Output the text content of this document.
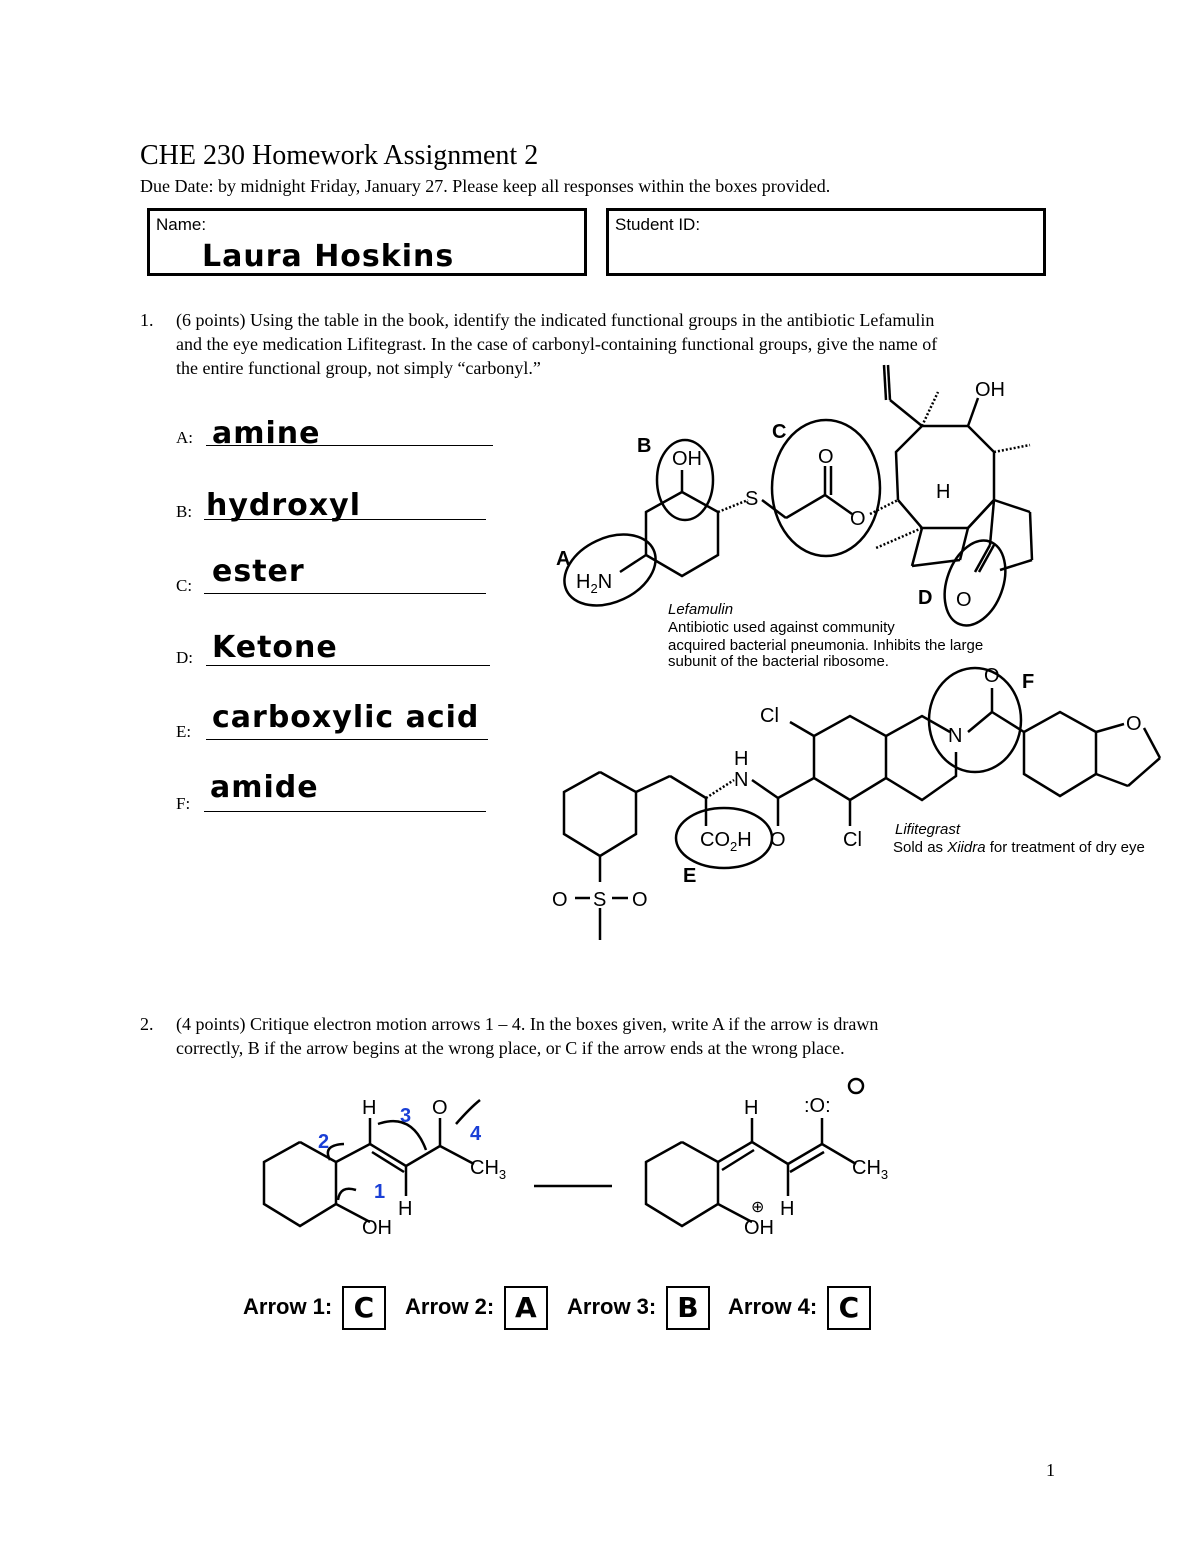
CHE 230 Homework Assignment 2
Due Date: by midnight Friday, January 27. Please keep all responses within the boxes provided.
Name:
Laura Hoskins
Student ID:
1. (6 points) Using the table in the book, identify the indicated functional groups in the antibiotic Lefamulin
and the eye medication Lifitegrast. In the case of carbonyl-containing functional groups, give the name of
the entire functional group, not simply “carbonyl.”
A: amine
B: hydroxyl
C: ester
D: Ketone
E: carboxylic acid
F: amide
B
OH
A
$H_2N$
S
C
O
O
OH
H
D O
Lefamulin
Antibiotic used against community
acquired bacterial pneumonia. Inhibits the large
subunit of the bacterial ribosome.
Cl
O F
N
O
H
N
$CO_2H$ O	Cl
E
O S O
Lifitegrast
Sold as Xiidra for treatment of dry eye
2. (4 points) Critique electron motion arrows 1 – 4. In the boxes given, write A if the arrow is drawn
correctly, B if the arrow begins at the wrong place, or C if the arrow ends at the wrong place.
H	O
$CH_3$
H
OH
H :O:
$CH_3$
H
OH
⊕
1
2
3
4
Arrow 1: C	Arrow 2: A	Arrow 3: B	Arrow 4: C
1
